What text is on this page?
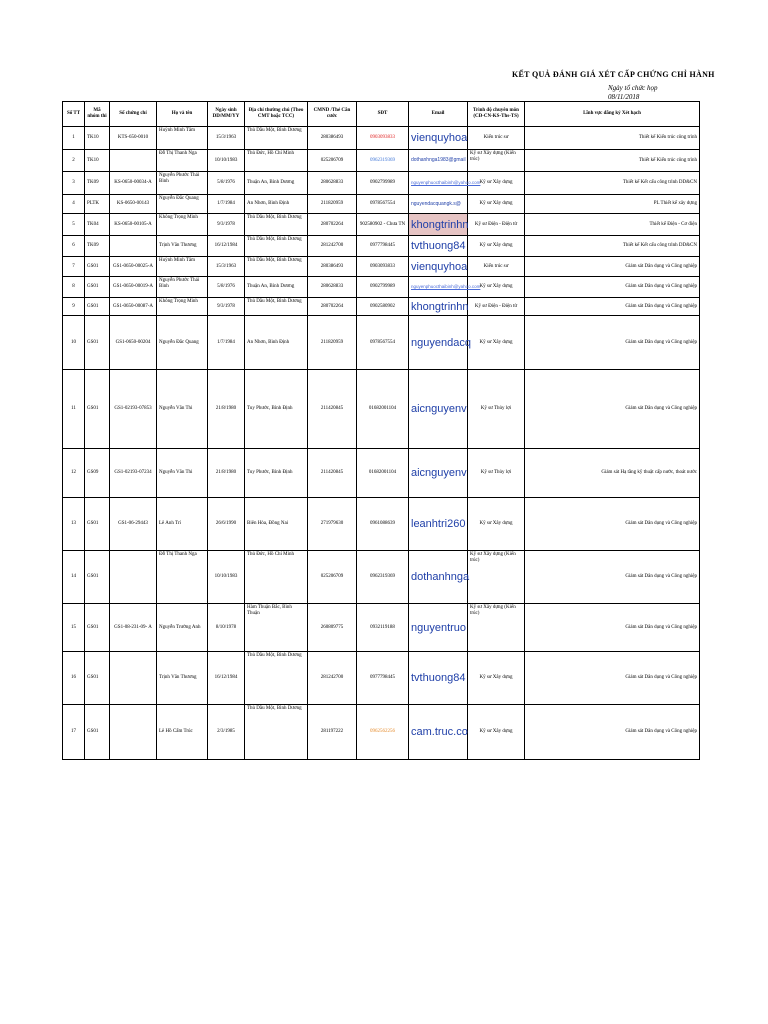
KẾT QUẢ ĐÁNH GIÁ XÉT CẤP CHỨNG CHỈ HÀNH
Ngày tổ chức họp
08/11/2018
Số TT	Mã nhóm thi	Số chứng chỉ	Họ và tên	Ngày sinh DD/MM/YY	Địa chỉ thường chú (Theo CMT hoặc TCC)	CMND /Thẻ Căn cước	SĐT	Email	Trình độ chuyên môn (CĐ-CN-KS-Ths-TS)	Lĩnh vực đăng ký Xét hạch
1	TK10	KTS-650-0010	Huỳnh Minh Tâm	15/3/1963	Thủ Dầu Một, Bình Dương	280386493	0903093833	vienquyhoa	Kiến trúc sư	Thiết kế Kiến trúc công trình
2	TK10		Đỗ Thị Thanh Nga	10/10/1983	Thủ Đức, Hồ Chí Minh	025206709	0962319369	dothanhnga1983@gmail	Kỹ sư Xây dựng (Kiến trúc)	Thiết kế Kiến trúc công trình
3	TK09	KS-0650-00034-A	Nguyễn Phước Thái Bình	5/8/1976	Thuận An, Bình Dương	280628833	0902799989	nguyenphuocthaibinh@yahoo.com	Kỹ sư Xây dựng	Thiết kế Kết cấu công trình DD&CN
4	PLTK	KS-0650-00143	Nguyễn Đắc Quang	1/7/1984	An Nhơn, Bình Định	211820959	0978567554	nguyendacquangk.s@	Kỹ sư Xây dựng	PL Thiết kế xây dựng
5	TK04	KS-0650-00105-A	Không Trọng Minh	9/3/1978	Thủ Dầu Một, Bình Dương	280702264	902580902 - Chưa TN	khongtrinhn	Kỹ sư Điện - Điện tử	Thiết kế Điện - Cơ điện
6	TK09		Trịnh Văn Thương	16/12/1984	Thủ Dầu Một, Bình Dương	281242700	0977798445	tvthuong84	Kỹ sư Xây dựng	Thiết kế Kết cấu công trình DD&CN
7	GS01	GS1-0650-00025-A	Huỳnh Minh Tâm	15/3/1963	Thủ Dầu Một, Bình Dương	280386493	0903093833	vienquyhoa	Kiến trúc sư	Giám sát Dân dụng và Công nghiệp
8	GS01	GS1-0650-00019-A	Nguyễn Phước Thái Bình	5/8/1976	Thuận An, Bình Dương	280628833	0902799989	nguyenphuocthaibinh@yahoo.com	Kỹ sư Xây dựng	Giám sát Dân dụng và Công nghiệp
9	GS01	GS1-0650-00087-A	Không Trọng Minh	9/3/1978	Thủ Dầu Một, Bình Dương	280702264	0902580902	khongtrinhn	Kỹ sư Điện - Điện tử	Giám sát Dân dụng và Công nghiệp
10	GS01	GS1-0650-00204	Nguyễn Đắc Quang	1/7/1984	An Nhơn, Bình Định	211820959	0978567554	nguyendacq	Kỹ sư Xây dựng	Giám sát Dân dụng và Công nghiệp
11	GS01	GS1-02193-07853	Nguyễn Văn Thi	21/8/1980	Tuy Phước, Bình Định	211420845	01682001104	aicnguyenv	Kỹ sư Thủy lợi	Giám sát Dân dụng và Công nghiệp
12	GS09	GS1-02193-07234	Nguyễn Văn Thi	21/8/1980	Tuy Phước, Bình Định	211420845	01682001104	aicnguyenv	Kỹ sư Thủy lợi	Giám sát Hạ tầng kỹ thuật cấp nước, thoát nước
13	GS01	GS1-06-29443	Lê Anh Trí	26/6/1990	Biên Hòa, Đồng Nai	271979630	0961088639	leanhtri260	Kỹ sư Xây dựng	Giám sát Dân dụng và Công nghiệp
14	GS01		Đỗ Thị Thanh Nga	10/10/1983	Thủ Đức, Hồ Chí Minh	025206709	0962319369	dothanhnga	Kỹ sư Xây dựng (Kiến trúc)	Giám sát Dân dụng và Công nghiệp
15	GS01	GS1-08-231-09- A	Nguyễn Trường Anh	8/10/1978	Hàm Thuận Bắc, Bình Thuận	260809775	0932119188	nguyentruo	Kỹ sư Xây dựng (Kiến trúc)	Giám sát Dân dụng và Công nghiệp
16	GS01		Trịnh Văn Thương	16/12/1984	Thủ Dầu Một, Bình Dương	281242700	0977798445	tvthuong84	Kỹ sư Xây dựng	Giám sát Dân dụng và Công nghiệp
17	GS01		Lê Hồ Cẩm Trúc	2/3/1985	Thủ Dầu Một, Bình Dương	281197222	0962562256	cam.truc.co	Kỹ sư Xây dựng	Giám sát Dân dụng và Công nghiệp
